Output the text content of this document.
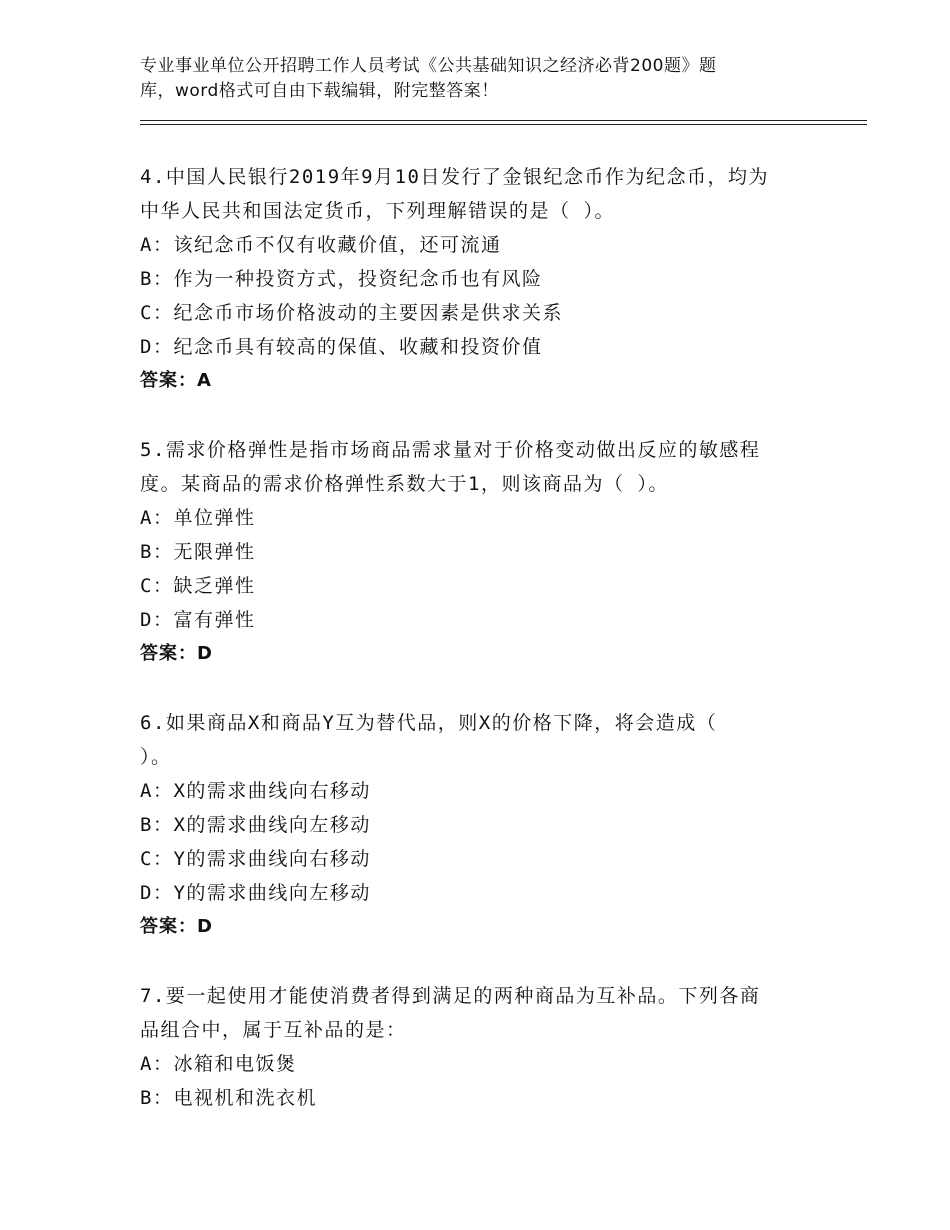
专业事业单位公开招聘工作人员考试《公共基础知识之经济必背200题》题
库，word格式可自由下载编辑，附完整答案！

4.中国人民银行2019年9月10日发行了金银纪念币作为纪念币，均为

中华人民共和国法定货币，下列理解错误的是（ ）。

A：该纪念币不仅有收藏价值，还可流通

B：作为一种投资方式，投资纪念币也有风险

C：纪念币市场价格波动的主要因素是供求关系

D：纪念币具有较高的保值、收藏和投资价值

答案：A

5.需求价格弹性是指市场商品需求量对于价格变动做出反应的敏感程

度。某商品的需求价格弹性系数大于1，则该商品为（ ）。

A：单位弹性

B：无限弹性

C：缺乏弹性

D：富有弹性

答案：D

6.如果商品X和商品Y互为替代品，则X的价格下降，将会造成（

）。

A：X的需求曲线向右移动

B：X的需求曲线向左移动

C：Y的需求曲线向右移动

D：Y的需求曲线向左移动

答案：D

7.要一起使用才能使消费者得到满足的两种商品为互补品。下列各商

品组合中，属于互补品的是：

A：冰箱和电饭煲

B：电视机和洗衣机
